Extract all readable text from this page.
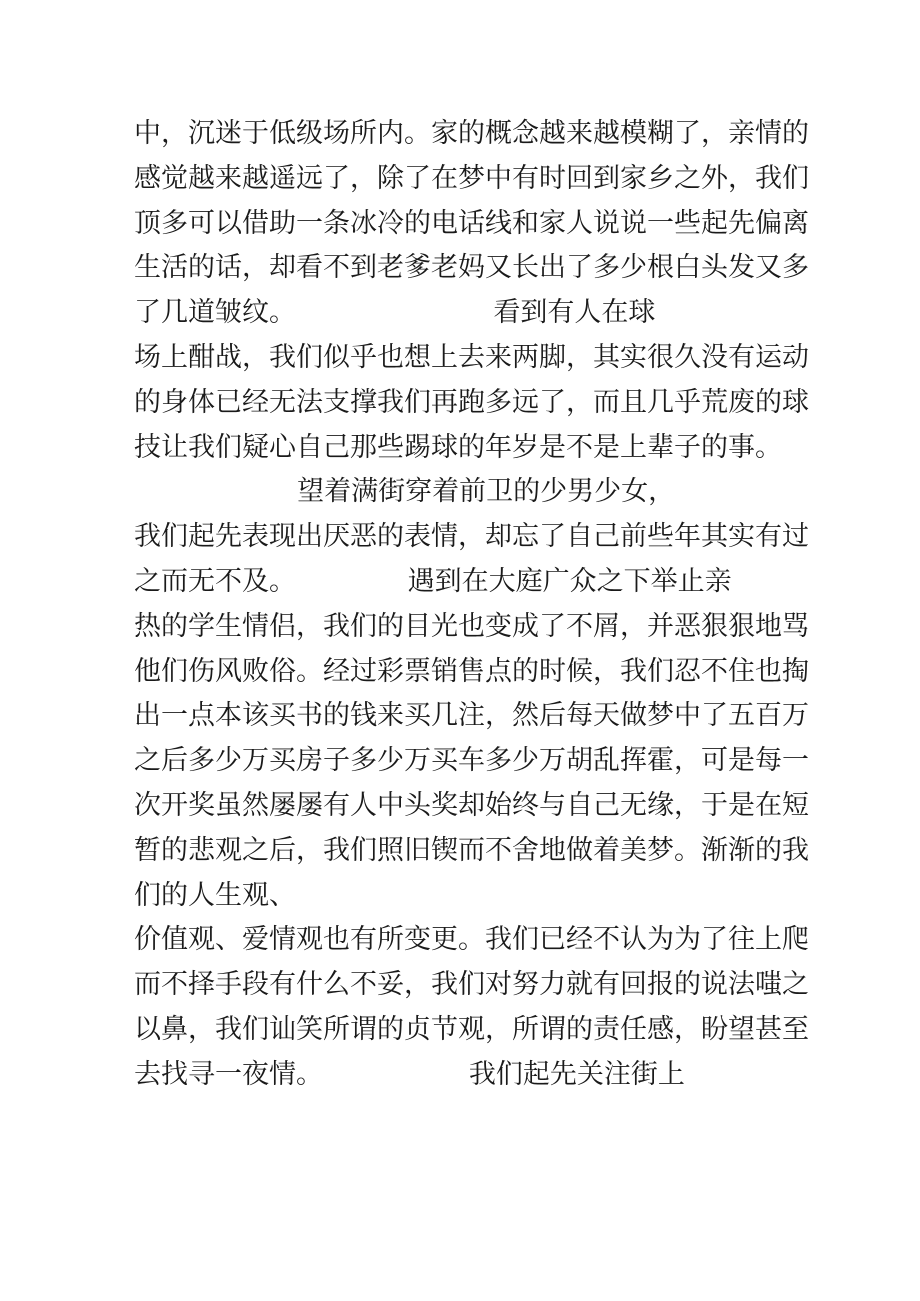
中，沉迷于低级场所内。家的概念越来越模糊了，亲情的
感觉越来越遥远了，除了在梦中有时回到家乡之外，我们
顶多可以借助一条冰冷的电话线和家人说说一些起先偏离
生活的话，却看不到老爹老妈又长出了多少根白头发又多
了几道皱纹。                       看到有人在球
场上酣战，我们似乎也想上去来两脚，其实很久没有运动
的身体已经无法支撑我们再跑多远了，而且几乎荒废的球
技让我们疑心自己那些踢球的年岁是不是上辈子的事。
望着满街穿着前卫的少男少女，
我们起先表现出厌恶的表情，却忘了自己前些年其实有过
之而无不及。             遇到在大庭广众之下举止亲
热的学生情侣，我们的目光也变成了不屑，并恶狠狠地骂
他们伤风败俗。经过彩票销售点的时候，我们忍不住也掏
出一点本该买书的钱来买几注，然后每天做梦中了五百万
之后多少万买房子多少万买车多少万胡乱挥霍，可是每一
次开奖虽然屡屡有人中头奖却始终与自己无缘，于是在短
暂的悲观之后，我们照旧锲而不舍地做着美梦。渐渐的我
们的人生观、
价值观、爱情观也有所变更。我们已经不认为为了往上爬
而不择手段有什么不妥，我们对努力就有回报的说法嗤之
以鼻，我们讪笑所谓的贞节观，所谓的责任感，盼望甚至
去找寻一夜情。                 我们起先关注街上
